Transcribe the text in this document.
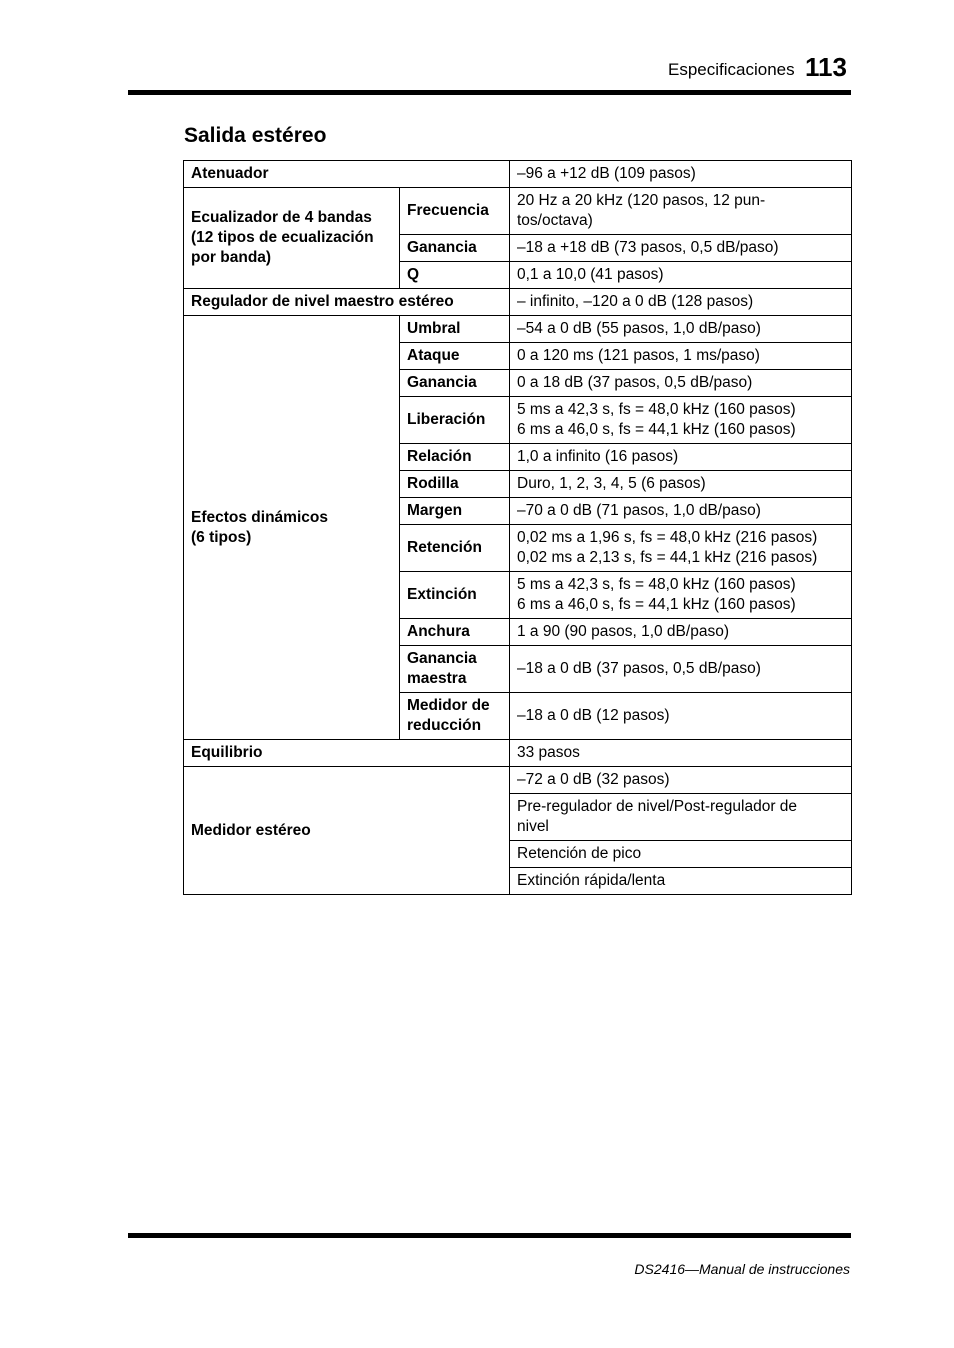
Especificaciones 113
Salida estéreo
Atenuador		–96 a +12 dB (109 pasos)
Ecualizador de 4 bandas
(12 tipos de ecualización
por banda)	Frecuencia	20 Hz a 20 kHz (120 pasos, 12 pun-
tos/octava)
	Ganancia	–18 a +18 dB (73 pasos, 0,5 dB/paso)
	Q	0,1 a 10,0 (41 pasos)
Regulador de nivel maestro estéreo		– infinito, –120 a 0 dB (128 pasos)
Efectos dinámicos
(6 tipos)	Umbral	–54 a 0 dB (55 pasos, 1,0 dB/paso)
	Ataque	0 a 120 ms (121 pasos, 1 ms/paso)
	Ganancia	0 a 18 dB (37 pasos, 0,5 dB/paso)
	Liberación	5 ms a 42,3 s, fs = 48,0 kHz (160 pasos)
6 ms a 46,0 s, fs = 44,1 kHz (160 pasos)
	Relación	1,0 a infinito (16 pasos)
	Rodilla	Duro, 1, 2, 3, 4, 5 (6 pasos)
	Margen	–70 a 0 dB (71 pasos, 1,0 dB/paso)
	Retención	0,02 ms a 1,96 s, fs = 48,0 kHz (216 pasos)
0,02 ms a 2,13 s, fs = 44,1 kHz (216 pasos)
	Extinción	5 ms a 42,3 s, fs = 48,0 kHz (160 pasos)
6 ms a 46,0 s, fs = 44,1 kHz (160 pasos)
	Anchura	1 a 90 (90 pasos, 1,0 dB/paso)
	Ganancia
maestra	–18 a 0 dB (37 pasos, 0,5 dB/paso)
	Medidor de
reducción	–18 a 0 dB (12 pasos)
Equilibrio		33 pasos
Medidor estéreo		–72 a 0 dB (32 pasos)
		Pre-regulador de nivel/Post-regulador de
nivel
		Retención de pico
		Extinción rápida/lenta
DS2416—Manual de instrucciones
